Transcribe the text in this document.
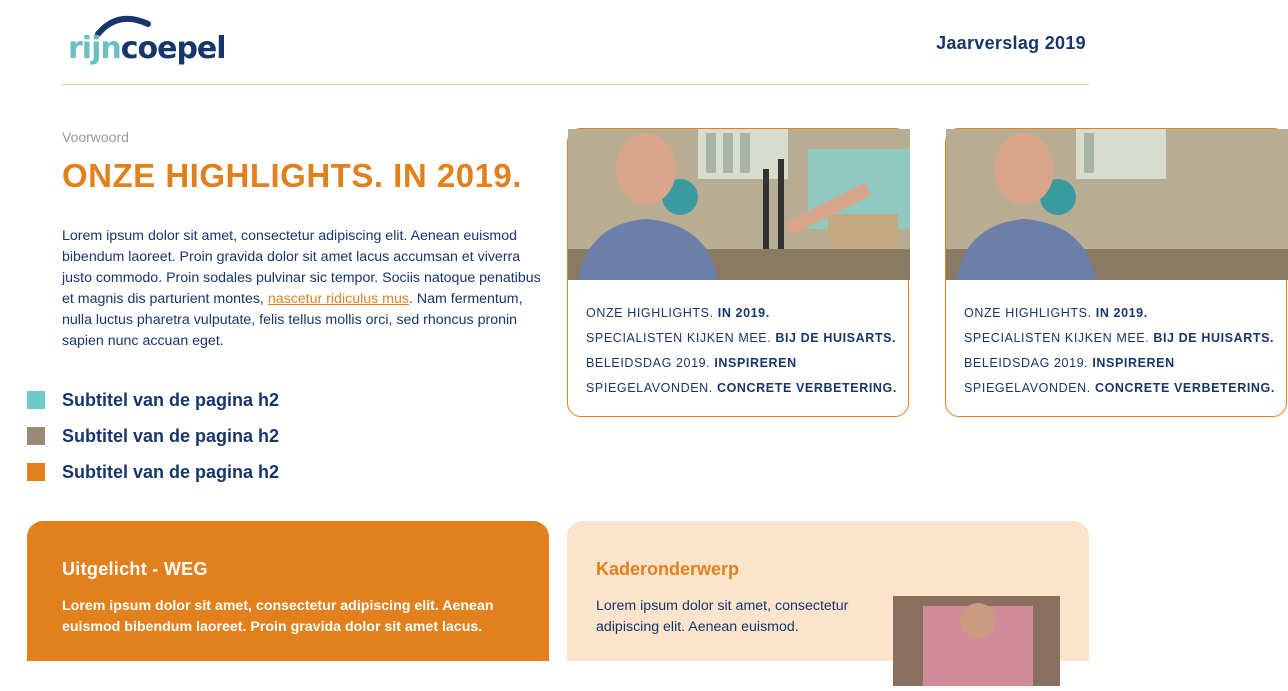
rijncoepel	Jaarverslag 2019
Voorwoord
ONZE HIGHLIGHTS. IN 2019.

Lorem ipsum dolor sit amet, consectetur adipiscing elit. Aenean euismod bibendum laoreet. Proin gravida dolor sit amet lacus accumsan et viverra justo commodo. Proin sodales pulvinar sic tempor. Sociis natoque penatibus et magnis dis parturient montes, nascetur ridiculus mus. Nam fermentum, nulla luctus pharetra vulputate, felis tellus mollis orci, sed rhoncus pronin sapien nunc accuan eget.

Subtitel van de pagina h2
Subtitel van de pagina h2
Subtitel van de pagina h2
ONZE HIGHLIGHTS. IN 2019.
SPECIALISTEN KIJKEN MEE. BIJ DE HUISARTS.
BELEIDSDAG 2019. INSPIREREN
SPIEGELAVONDEN. CONCRETE VERBETERING.
ONZE HIGHLIGHTS. IN 2019.
SPECIALISTEN KIJKEN MEE. BIJ DE HUISARTS.
BELEIDSDAG 2019. INSPIREREN
SPIEGELAVONDEN. CONCRETE VERBETERING.
Uitgelicht - WEG

Lorem ipsum dolor sit amet, consectetur adipiscing elit. Aenean euismod bibendum laoreet. Proin gravida dolor sit amet lacus.

Kaderonderwerp

Lorem ipsum dolor sit amet, consectetur adipiscing elit. Aenean euismod.
